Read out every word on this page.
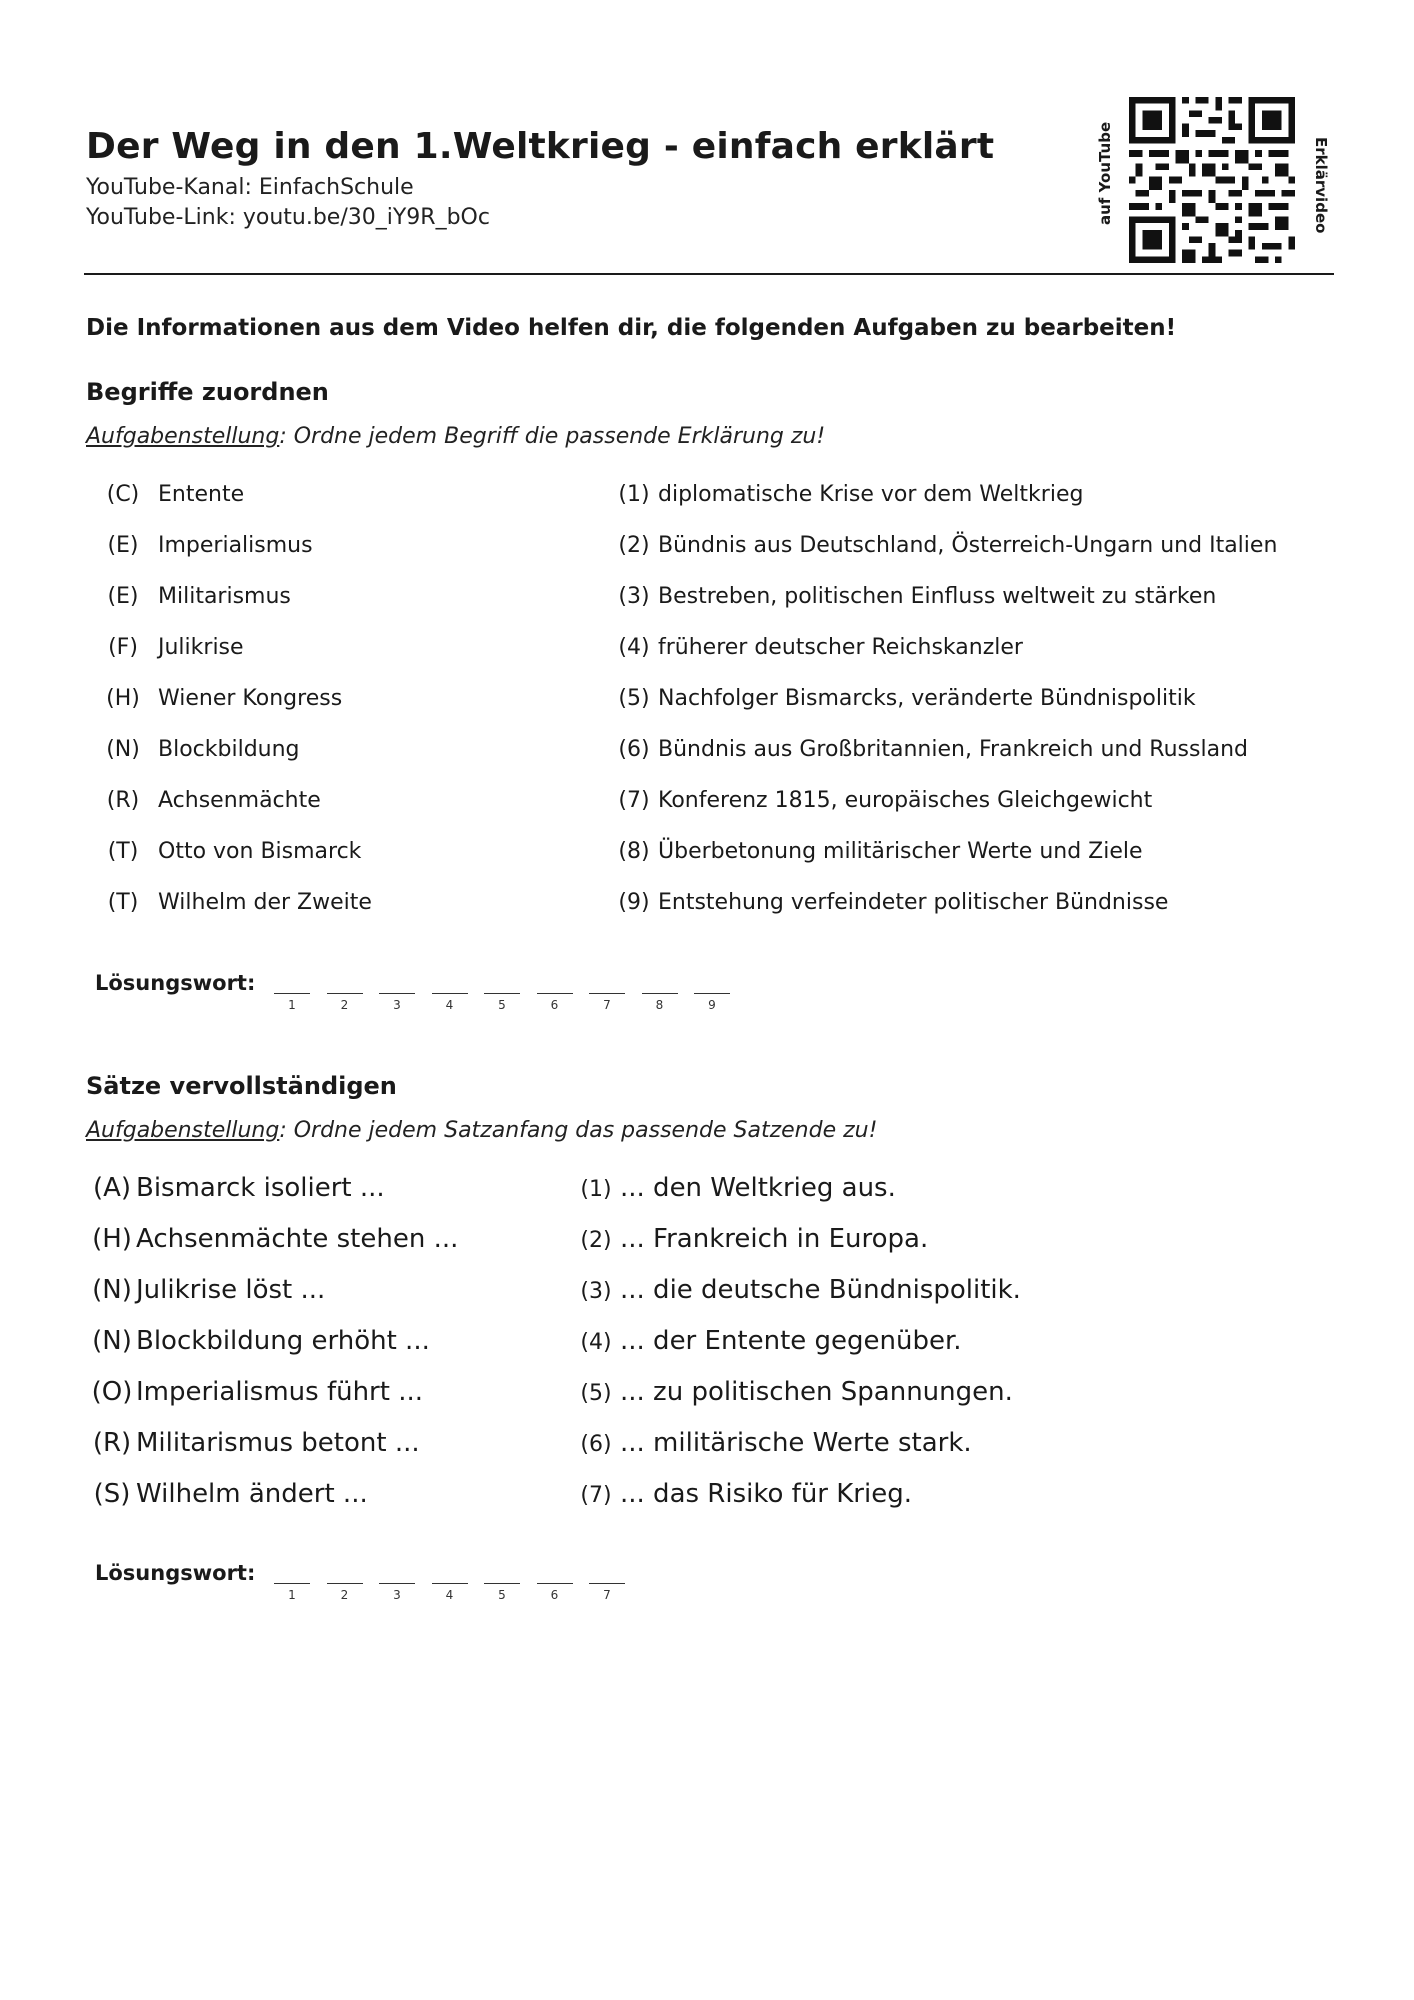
Der Weg in den 1.Weltkrieg - einfach erklärt
YouTube-Kanal: EinfachSchule
YouTube-Link: youtu.be/30_iY9R_bOc	auf YouTube	Erklärvideo
Die Informationen aus dem Video helfen dir, die folgenden Aufgaben zu bearbeiten!
Begriffe zuordnen
Aufgabenstellung: Ordne jedem Begriff die passende Erklärung zu!
(C) Entente	(1) diplomatische Krise vor dem Weltkrieg
(E) Imperialismus	(2) Bündnis aus Deutschland, Österreich-Ungarn und Italien
(E) Militarismus	(3) Bestreben, politischen Einfluss weltweit zu stärken
(F) Julikrise	(4) früherer deutscher Reichskanzler
(H) Wiener Kongress	(5) Nachfolger Bismarcks, veränderte Bündnispolitik
(N) Blockbildung	(6) Bündnis aus Großbritannien, Frankreich und Russland
(R) Achsenmächte	(7) Konferenz 1815, europäisches Gleichgewicht
(T) Otto von Bismarck	(8) Überbetonung militärischer Werte und Ziele
(T) Wilhelm der Zweite	(9) Entstehung verfeindeter politischer Bündnisse
Lösungswort:
1	2	3	4	5	6	7	8	9
Sätze vervollständigen
Aufgabenstellung: Ordne jedem Satzanfang das passende Satzende zu!
(A) Bismarck isoliert ...	(1) ... den Weltkrieg aus.
(H) Achsenmächte stehen ...	(2) ... Frankreich in Europa.
(N) Julikrise löst ...	(3) ... die deutsche Bündnispolitik.
(N) Blockbildung erhöht ...	(4) ... der Entente gegenüber.
(O) Imperialismus führt ...	(5) ... zu politischen Spannungen.
(R) Militarismus betont ...	(6) ... militärische Werte stark.
(S) Wilhelm ändert ...	(7) ... das Risiko für Krieg.
Lösungswort:
1	2	3	4	5	6	7
